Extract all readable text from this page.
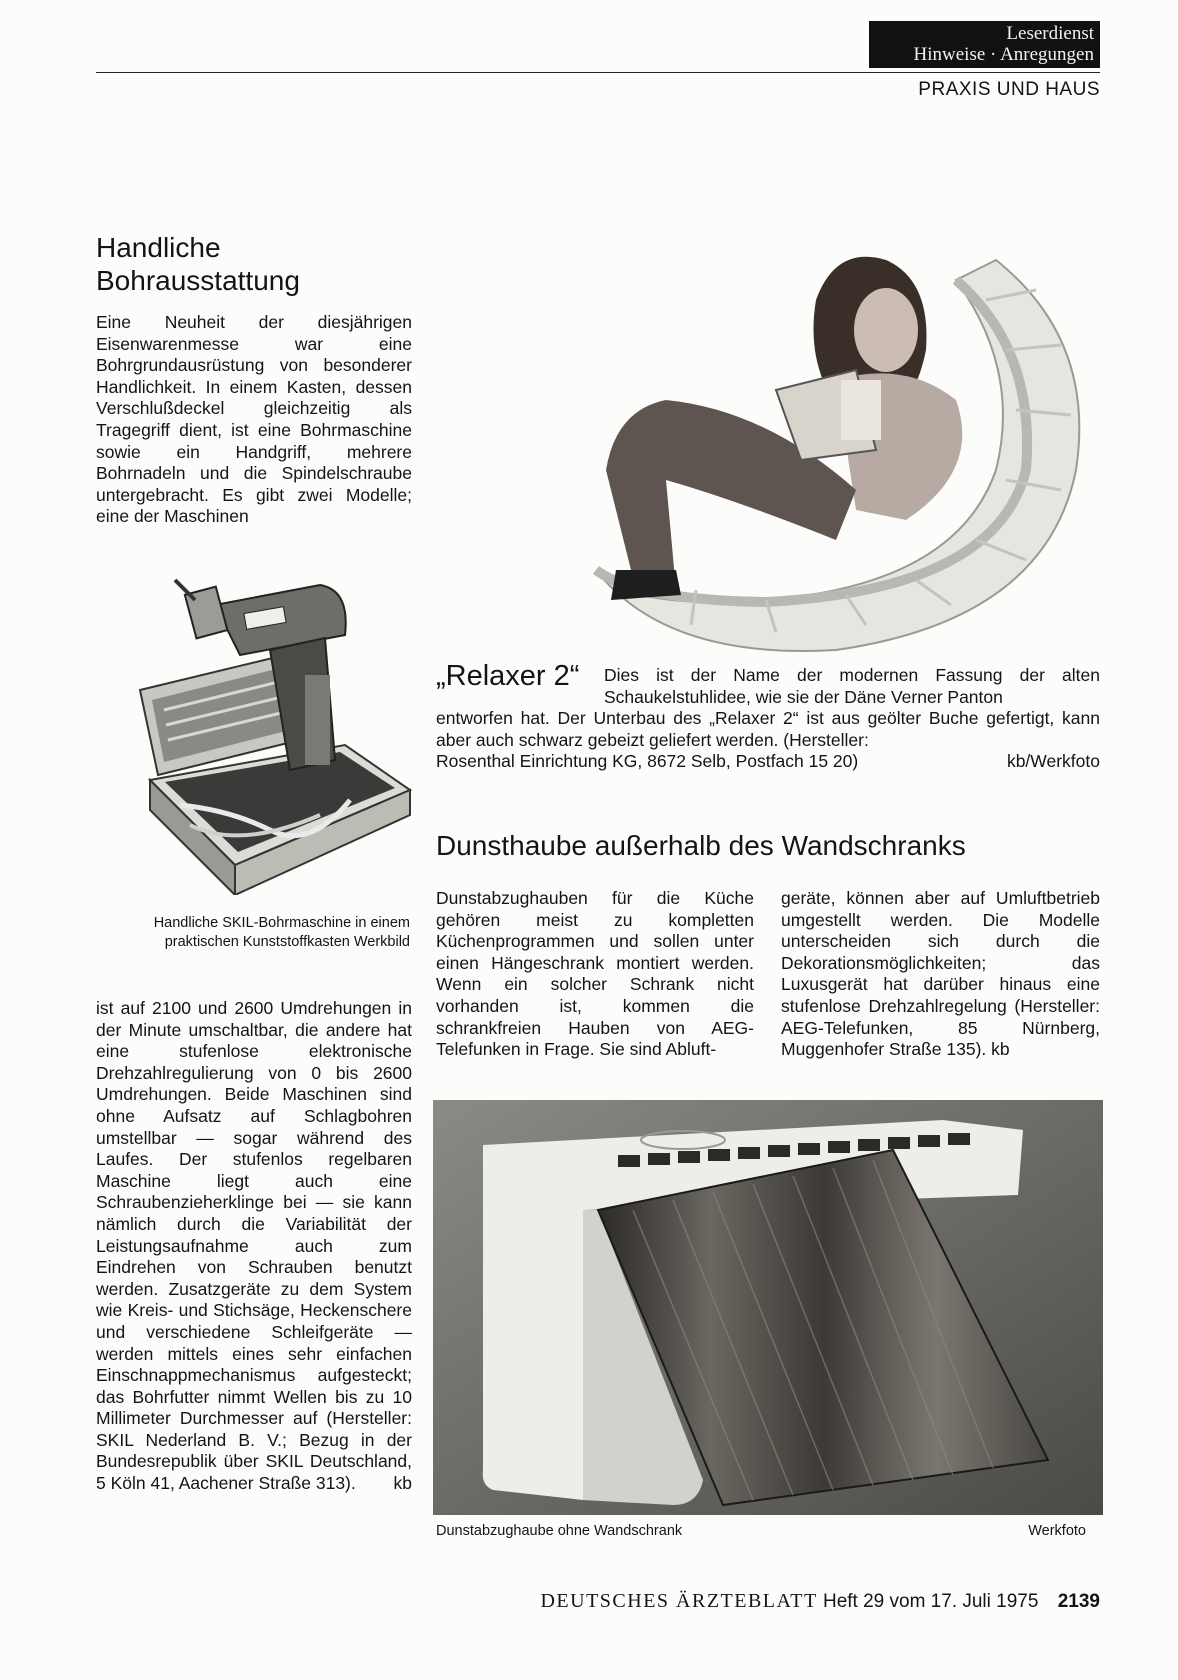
Leserdienst
Hinweise · Anregungen
PRAXIS UND HAUS
Handliche
Bohrausstattung

Eine Neuheit der diesjährigen Eisenwarenmesse war eine Bohrgrundausrüstung von besonderer Handlichkeit. In einem Kasten, dessen Verschlußdeckel gleichzeitig als Tragegriff dient, ist eine Bohrmaschine sowie ein Handgriff, mehrere Bohrnadeln und die Spindelschraube untergebracht. Es gibt zwei Modelle; eine der Maschinen

Handliche SKIL-Bohrmaschine in einem praktischen Kunststoffkasten Werkbild

ist auf 2100 und 2600 Umdrehungen in der Minute umschaltbar, die andere hat eine stufenlose elektronische Drehzahlregulierung von 0 bis 2600 Umdrehungen. Beide Maschinen sind ohne Aufsatz auf Schlagbohren umstellbar — sogar während des Laufes. Der stufenlos regelbaren Maschine liegt auch eine Schraubenzieherklinge bei — sie kann nämlich durch die Variabilität der Leistungsaufnahme auch zum Eindrehen von Schrauben benutzt werden. Zusatzgeräte zu dem System wie Kreis- und Stichsäge, Heckenschere und verschiedene Schleifgeräte — werden mittels eines sehr einfachen Einschnappmechanismus aufgesteckt; das Bohrfutter nimmt Wellen bis zu 10 Millimeter Durchmesser auf (Hersteller: SKIL Nederland B. V.; Bezug in der Bundesrepublik über SKIL Deutschland, 5 Köln 41, Aachener Straße 313). kb

„Relaxer 2“	Dies ist der Name der modernen Fassung der alten Schaukelstuhlidee, wie sie der Däne Verner Panton
entworfen hat. Der Unterbau des „Relaxer 2“ ist aus geölter Buche gefertigt, kann aber auch schwarz gebeizt geliefert werden. (Hersteller:
Rosenthal Einrichtung KG, 8672 Selb, Postfach 15 20)	kb/Werkfoto
Dunsthaube außerhalb des Wandschranks

Dunstabzughauben für die Küche gehören meist zu kompletten Küchenprogrammen und sollen unter einen Hängeschrank montiert werden. Wenn ein solcher Schrank nicht vorhanden ist, kommen die schrankfreien Hauben von AEG-Telefunken in Frage. Sie sind Abluft-

geräte, können aber auf Umluftbetrieb umgestellt werden. Die Modelle unterscheiden sich durch die Dekorationsmöglichkeiten; das Luxusgerät hat darüber hinaus eine stufenlose Drehzahlregelung (Hersteller: AEG-Telefunken, 85 Nürnberg, Muggenhofer Straße 135). kb

Dunstabzughaube ohne Wandschrank	Werkfoto
DEUTSCHES ÄRZTEBLATT Heft 29 vom 17. Juli 1975 2139
